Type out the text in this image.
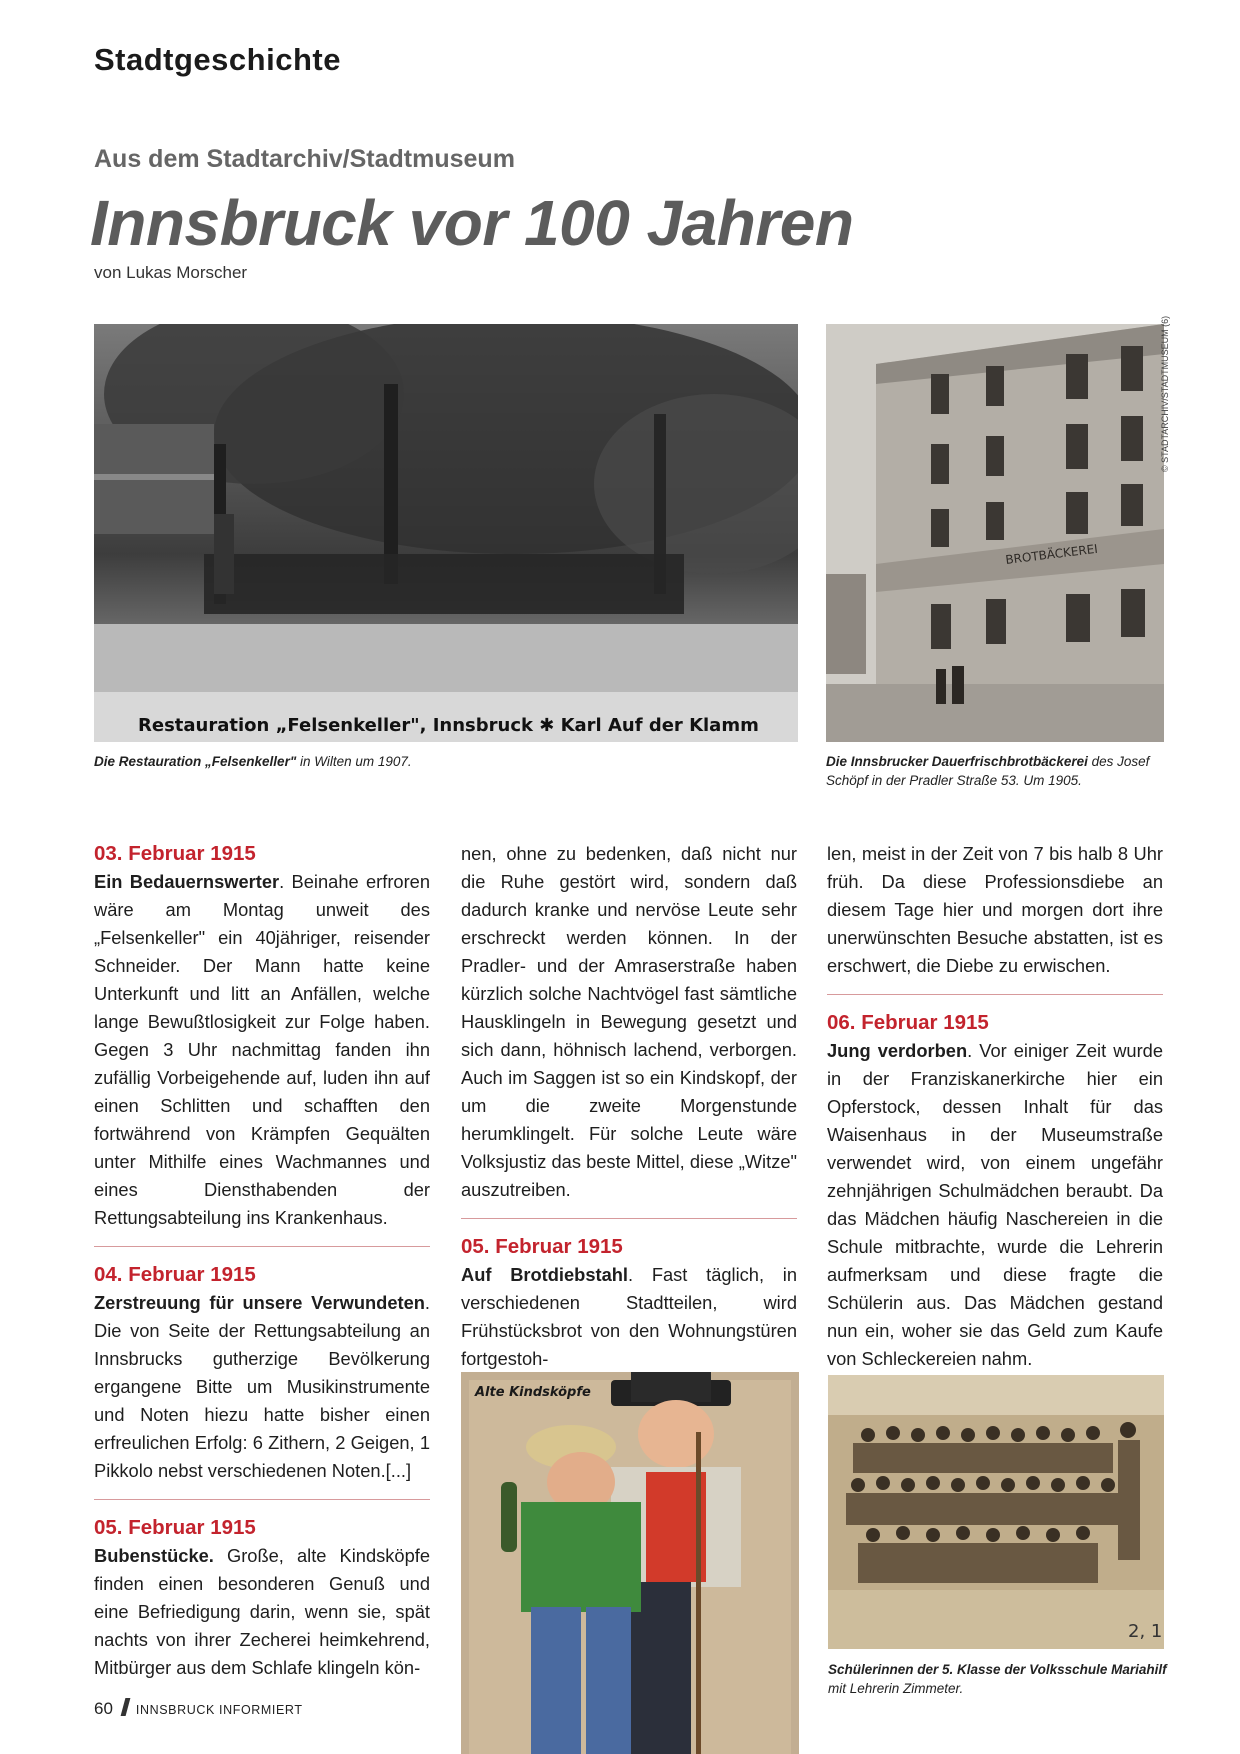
Stadtgeschichte
Aus dem Stadtarchiv/Stadtmuseum
Innsbruck vor 100 Jahren
von Lukas Morscher
Restauration „Felsenkeller", Innsbruck ✱ Karl Auf der Klamm
Die Restauration „Felsenkeller" in Wilten um 1907.
BROTBÄCKEREI
© STADTARCHIV/STADTMUSEUM (6)
Die Innsbrucker Dauerfrischbrotbäckerei des Josef Schöpf in der Pradler Straße 53. Um 1905.
03. Februar 1915

Ein Bedauernswerter. Beinahe erfroren wäre am Montag unweit des „Felsenkeller" ein 40jähriger, reisender Schneider. Der Mann hatte keine Unterkunft und litt an Anfällen, welche lange Bewußtlosigkeit zur Folge haben. Gegen 3 Uhr nachmittag fanden ihn zufällig Vorbeigehende auf, luden ihn auf einen Schlitten und schafften den fortwährend von Krämpfen Gequälten unter Mithilfe eines Wachmannes und eines Diensthabenden der Rettungsabteilung ins Krankenhaus.

04. Februar 1915

Zerstreuung für unsere Verwundeten. Die von Seite der Rettungsabteilung an Innsbrucks gutherzige Bevölkerung ergangene Bitte um Musikinstrumente und Noten hiezu hatte bisher einen erfreulichen Erfolg: 6 Zithern, 2 Geigen, 1 Pikkolo nebst verschiedenen Noten.[...]

05. Februar 1915

Bubenstücke. Große, alte Kindsköpfe finden einen besonderen Genuß und eine Befriedigung darin, wenn sie, spät nachts von ihrer Zecherei heimkehrend, Mitbürger aus dem Schlafe klingeln kön-

nen, ohne zu bedenken, daß nicht nur die Ruhe gestört wird, sondern daß dadurch kranke und nervöse Leute sehr erschreckt werden können. In der Pradler- und der Amraserstraße haben kürzlich solche Nachtvögel fast sämtliche Hausklingeln in Bewegung gesetzt und sich dann, höhnisch lachend, verborgen. Auch im Saggen ist so ein Kindskopf, der um die zweite Morgenstunde herumklingelt. Für solche Leute wäre Volksjustiz das beste Mittel, diese „Witze" auszutreiben.

05. Februar 1915

Auf Brotdiebstahl. Fast täglich, in verschiedenen Stadtteilen, wird Frühstücksbrot von den Wohnungstüren fortgestoh-

len, meist in der Zeit von 7 bis halb 8 Uhr früh. Da diese Professionsdiebe an diesem Tage hier und morgen dort ihre unerwünschten Besuche abstatten, ist es erschwert, die Diebe zu erwischen.

06. Februar 1915

Jung verdorben. Vor einiger Zeit wurde in der Franziskanerkirche hier ein Opferstock, dessen Inhalt für das Waisenhaus in der Museumstraße verwendet wird, von einem ungefähr zehnjährigen Schulmädchen beraubt. Da das Mädchen häufig Naschereien in die Schule mitbrachte, wurde die Lehrerin aufmerksam und diese fragte die Schülerin aus. Das Mädchen gestand nun ein, woher sie das Geld zum Kaufe von Schleckereien nahm.

Alte Kindsköpfe
2, 1
Schülerinnen der 5. Klasse der Volksschule Mariahilf mit Lehrerin Zimmeter.
60 INNSBRUCK INFORMIERT
